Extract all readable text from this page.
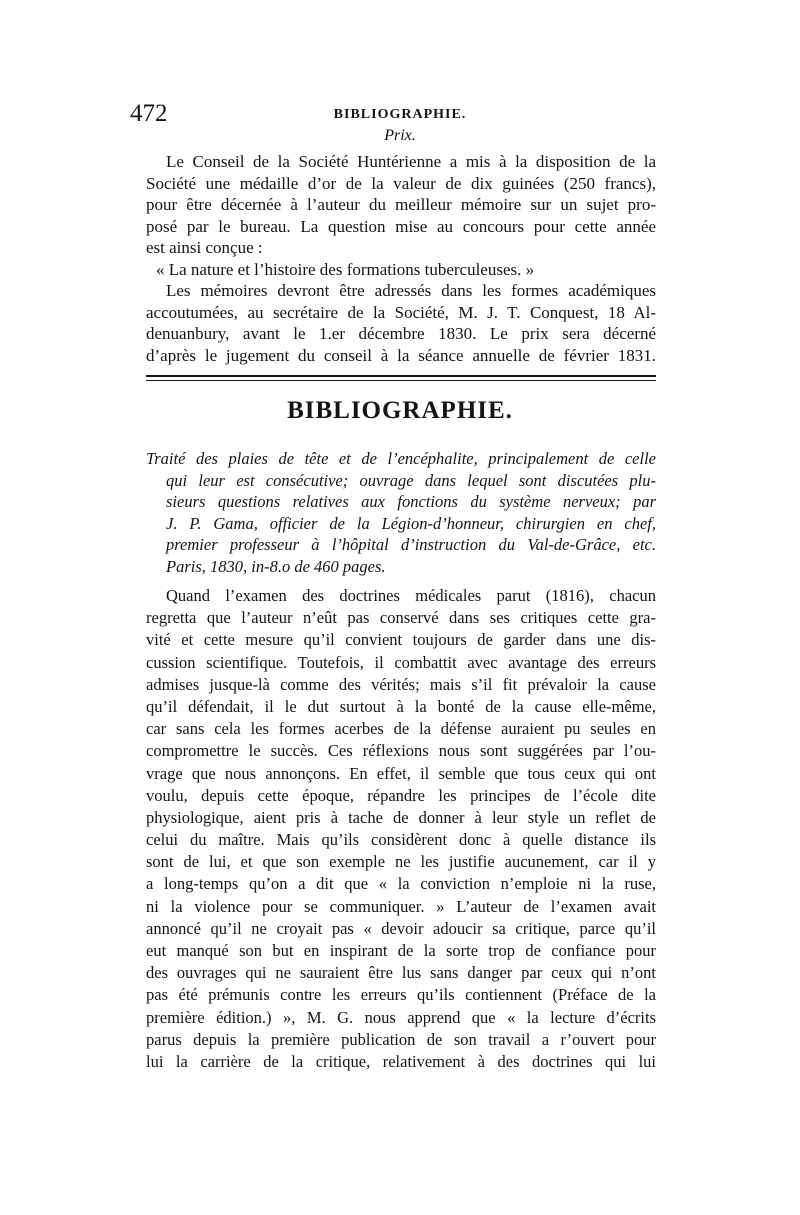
472	BIBLIOGRAPHIE.
Prix.
Le Conseil de la Société Huntérienne a mis à la disposition de la
Société une médaille d’or de la valeur de dix guinées (250 francs),
pour être décernée à l’auteur du meilleur mémoire sur un sujet pro-
posé par le bureau. La question mise au concours pour cette année
est ainsi conçue :
« La nature et l’histoire des formations tuberculeuses. »
Les mémoires devront être adressés dans les formes académiques
accoutumées, au secrétaire de la Société, M. J. T. Conquest, 18 Al-
denuanbury, avant le 1.er décembre 1830. Le prix sera décerné
d’après le jugement du conseil à la séance annuelle de février 1831.
BIBLIOGRAPHIE.
Traité des plaies de tête et de l’encéphalite, principalement de celle
qui leur est consécutive; ouvrage dans lequel sont discutées plu-
sieurs questions relatives aux fonctions du système nerveux; par
J. P. Gama, officier de la Légion-d’honneur, chirurgien en chef,
premier professeur à l’hôpital d’instruction du Val-de-Grâce, etc.
Paris, 1830, in-8.o de 460 pages.
Quand l’examen des doctrines médicales parut (1816), chacun
regretta que l’auteur n’eût pas conservé dans ses critiques cette gra-
vité et cette mesure qu’il convient toujours de garder dans une dis-
cussion scientifique. Toutefois, il combattit avec avantage des erreurs
admises jusque-là comme des vérités; mais s’il fit prévaloir la cause
qu’il défendait, il le dut surtout à la bonté de la cause elle-même,
car sans cela les formes acerbes de la défense auraient pu seules en
compromettre le succès. Ces réflexions nous sont suggérées par l’ou-
vrage que nous annonçons. En effet, il semble que tous ceux qui ont
voulu, depuis cette époque, répandre les principes de l’école dite
physiologique, aient pris à tache de donner à leur style un reflet de
celui du maître. Mais qu’ils considèrent donc à quelle distance ils
sont de lui, et que son exemple ne les justifie aucunement, car il y
a long-temps qu’on a dit que « la conviction n’emploie ni la ruse,
ni la violence pour se communiquer. » L’auteur de l’examen avait
annoncé qu’il ne croyait pas « devoir adoucir sa critique, parce qu’il
eut manqué son but en inspirant de la sorte trop de confiance pour
des ouvrages qui ne sauraient être lus sans danger par ceux qui n’ont
pas été prémunis contre les erreurs qu’ils contiennent (Préface de la
première édition.) », M. G. nous apprend que « la lecture d’écrits
parus depuis la première publication de son travail a r’ouvert pour
lui la carrière de la critique, relativement à des doctrines qui lui
